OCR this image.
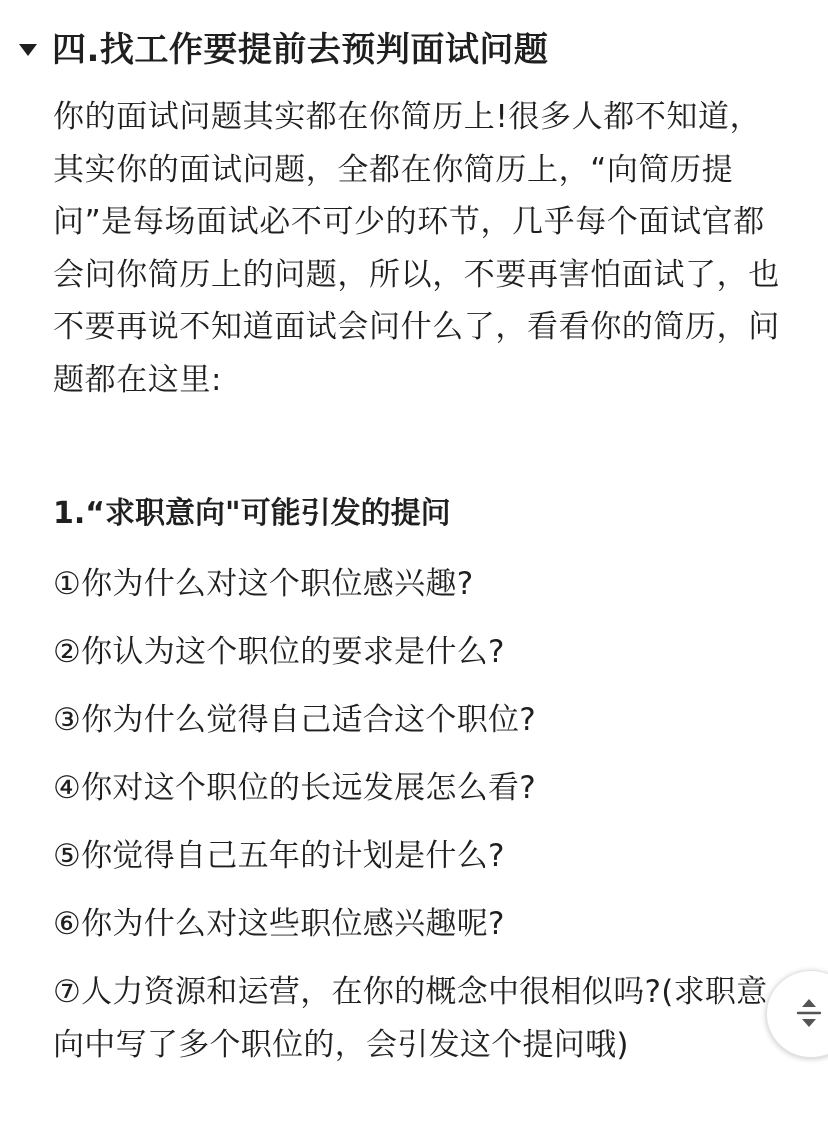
四.找工作要提前去预判面试问题

你的面试问题其实都在你简历上!很多人都不知道，其实你的面试问题，全都在你简历上，“向简历提问”是每场面试必不可少的环节，几乎每个面试官都会问你简历上的问题，所以，不要再害怕面试了，也不要再说不知道面试会问什么了，看看你的简历，问题都在这里:

1.“求职意向"可能引发的提问

①你为什么对这个职位感兴趣?
②你认为这个职位的要求是什么?
③你为什么觉得自己适合这个职位?
④你对这个职位的长远发展怎么看?
⑤你觉得自己五年的计划是什么?
⑥你为什么对这些职位感兴趣呢?
⑦人力资源和运营，在你的概念中很相似吗?(求职意向中写了多个职位的，会引发这个提问哦)
